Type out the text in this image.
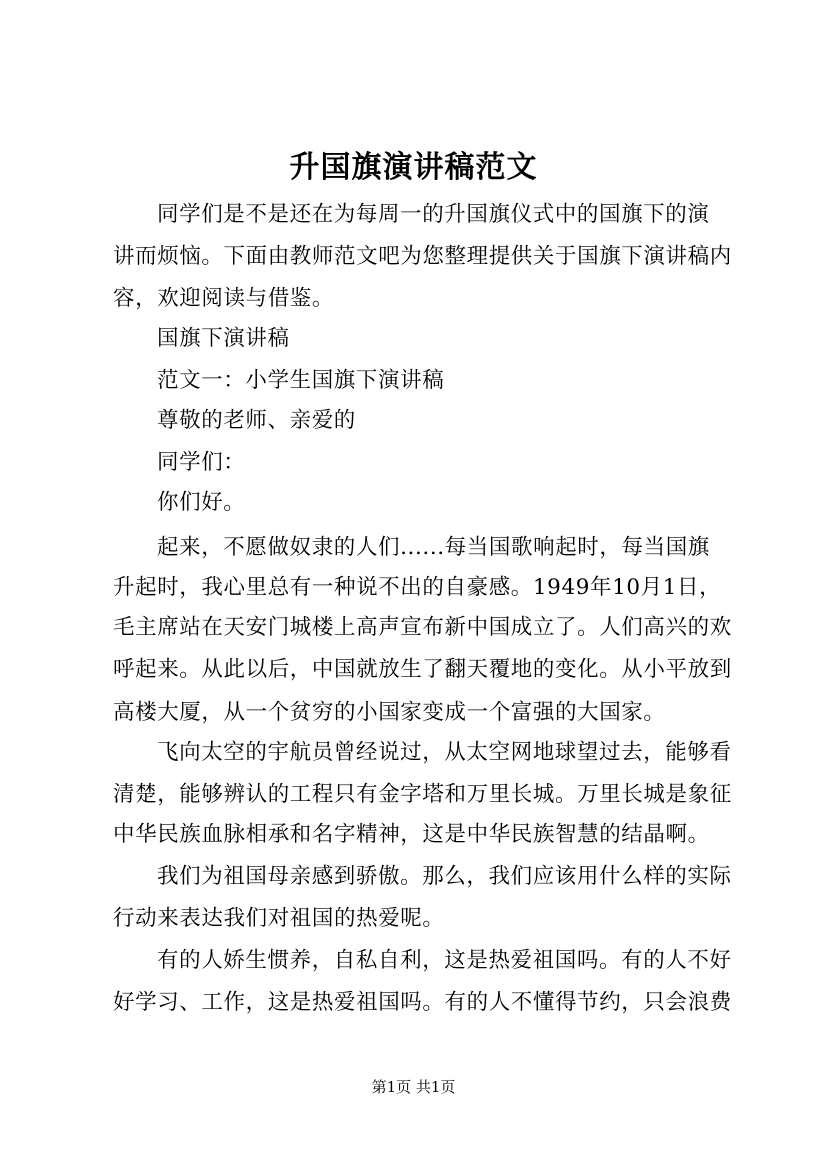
升国旗演讲稿范文
同学们是不是还在为每周一的升国旗仪式中的国旗下的演
讲而烦恼。下面由教师范文吧为您整理提供关于国旗下演讲稿内
容，欢迎阅读与借鉴。
国旗下演讲稿
范文一：小学生国旗下演讲稿
尊敬的老师、亲爱的
同学们：
你们好。
起来，不愿做奴隶的人们......每当国歌响起时，每当国旗
升起时，我心里总有一种说不出的自豪感。1949年10月1日，
毛主席站在天安门城楼上高声宣布新中国成立了。人们高兴的欢
呼起来。从此以后，中国就放生了翻天覆地的变化。从小平放到
高楼大厦，从一个贫穷的小国家变成一个富强的大国家。
飞向太空的宇航员曾经说过，从太空网地球望过去，能够看
清楚，能够辨认的工程只有金字塔和万里长城。万里长城是象征
中华民族血脉相承和名字精神，这是中华民族智慧的结晶啊。
我们为祖国母亲感到骄傲。那么，我们应该用什么样的实际
行动来表达我们对祖国的热爱呢。
有的人娇生惯养，自私自利，这是热爱祖国吗。有的人不好
好学习、工作，这是热爱祖国吗。有的人不懂得节约，只会浪费
第1页 共1页
